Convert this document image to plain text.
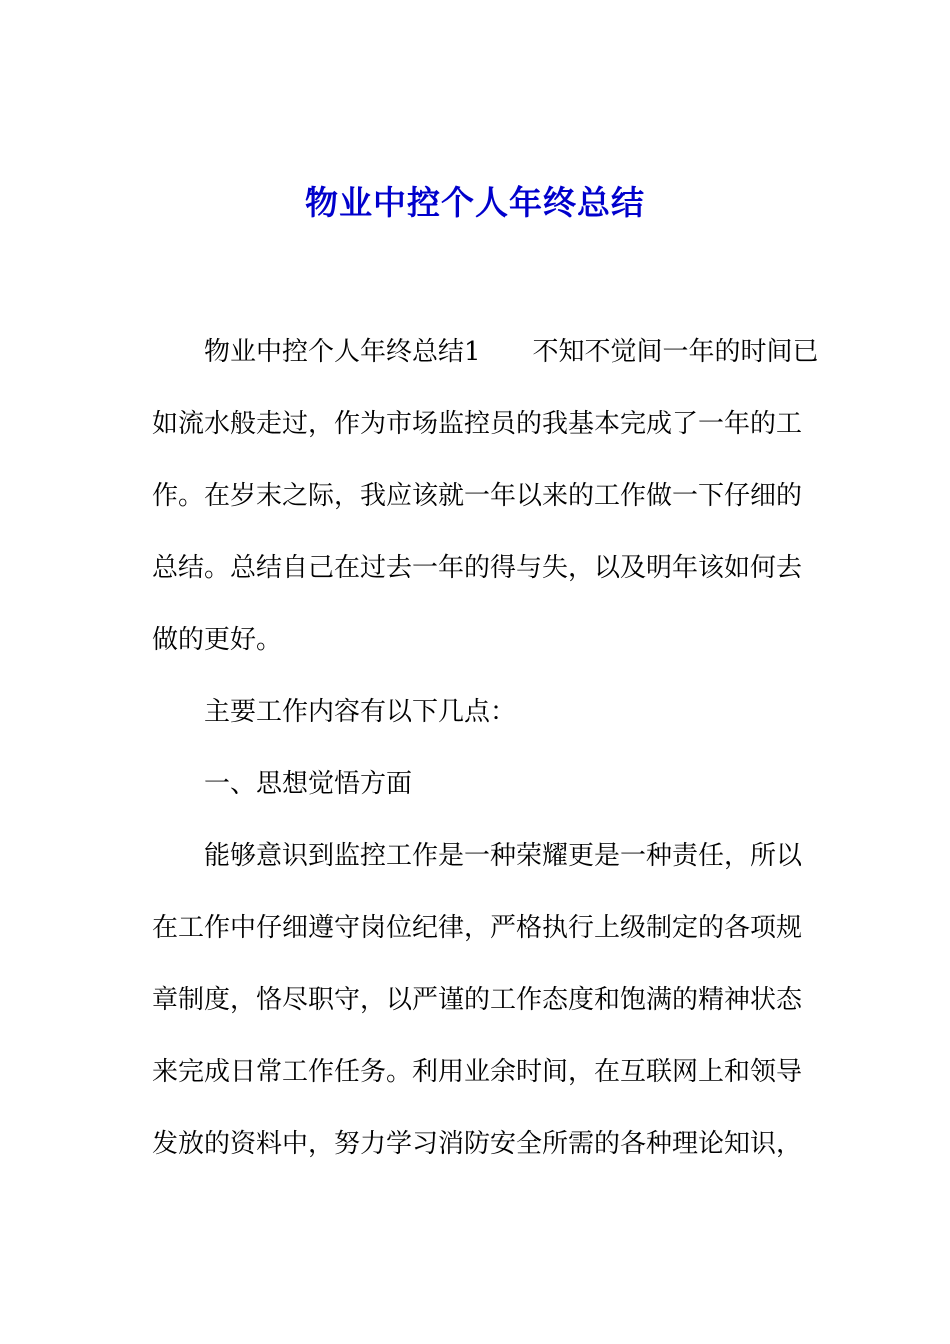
物业中控个人年终总结
物业中控个人年终总结1 不知不觉间一年的时间已
如流水般走过，作为市场监控员的我基本完成了一年的工
作。在岁末之际，我应该就一年以来的工作做一下仔细的
总结。总结自己在过去一年的得与失，以及明年该如何去
做的更好。
主要工作内容有以下几点：
一、思想觉悟方面
能够意识到监控工作是一种荣耀更是一种责任，所以
在工作中仔细遵守岗位纪律，严格执行上级制定的各项规
章制度，恪尽职守，以严谨的工作态度和饱满的精神状态
来完成日常工作任务。利用业余时间，在互联网上和领导
发放的资料中，努力学习消防安全所需的各种理论知识，
